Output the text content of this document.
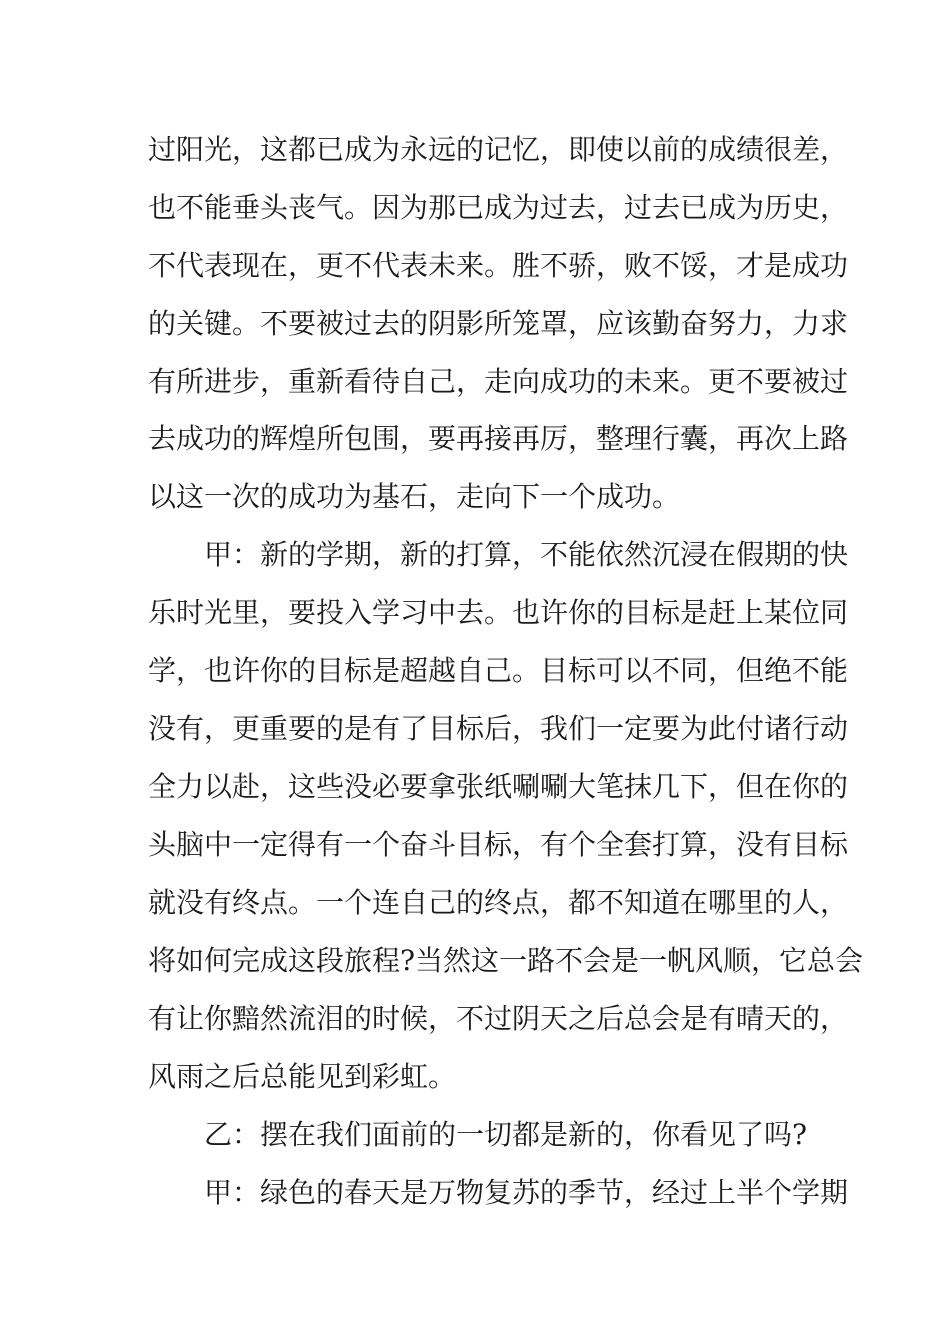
过阳光，这都已成为永远的记忆，即使以前的成绩很差，
也不能垂头丧气。因为那已成为过去，过去已成为历史，
不代表现在，更不代表未来。胜不骄，败不馁，才是成功
的关键。不要被过去的阴影所笼罩，应该勤奋努力，力求
有所进步，重新看待自己，走向成功的未来。更不要被过
去成功的辉煌所包围，要再接再厉，整理行囊，再次上路
以这一次的成功为基石，走向下一个成功。
甲：新的学期，新的打算，不能依然沉浸在假期的快
乐时光里，要投入学习中去。也许你的目标是赶上某位同
学，也许你的目标是超越自己。目标可以不同，但绝不能
没有，更重要的是有了目标后，我们一定要为此付诸行动
全力以赴，这些没必要拿张纸唰唰大笔抹几下，但在你的
头脑中一定得有一个奋斗目标，有个全套打算，没有目标
就没有终点。一个连自己的终点，都不知道在哪里的人，
将如何完成这段旅程?当然这一路不会是一帆风顺，它总会
有让你黯然流泪的时候，不过阴天之后总会是有晴天的，
风雨之后总能见到彩虹。
乙：摆在我们面前的一切都是新的，你看见了吗?
甲：绿色的春天是万物复苏的季节，经过上半个学期
